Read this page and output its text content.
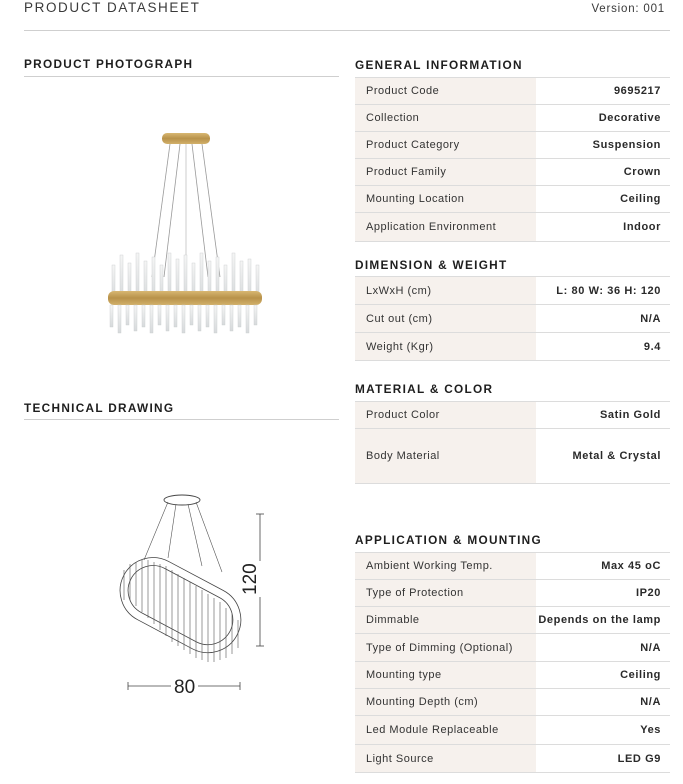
PRODUCT DATASHEET	Version: 001
PRODUCT PHOTOGRAPH
TECHNICAL DRAWING
80
120
GENERAL INFORMATION
Product Code	9695217
Collection	Decorative
Product Category	Suspension
Product Family	Crown
Mounting Location	Ceiling
Application Environment	Indoor
DIMENSION & WEIGHT
LxWxH (cm)	L: 80 W: 36 H: 120
Cut out (cm)	N/A
Weight (Kgr)	9.4
MATERIAL & COLOR
Product Color	Satin Gold
Body Material	Metal & Crystal
APPLICATION & MOUNTING
Ambient Working Temp.	Max 45 oC
Type of Protection	IP20
Dimmable	Depends on the lamp
Type of Dimming (Optional)	N/A
Mounting type	Ceiling
Mounting Depth (cm)	N/A
Led Module Replaceable	Yes
Light Source	LED G9
